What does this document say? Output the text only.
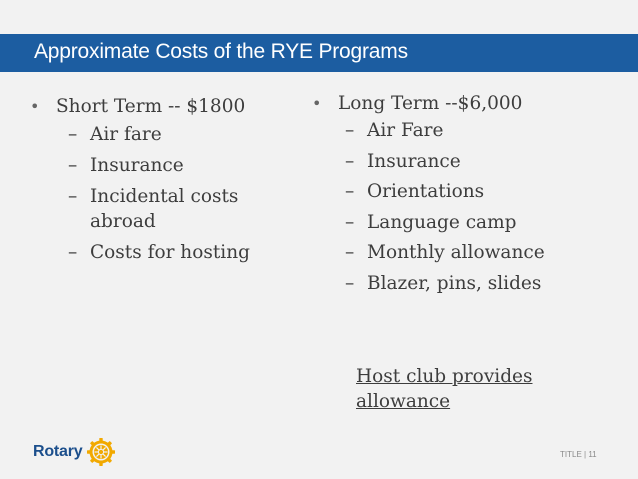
Approximate Costs of the RYE Programs
• Short Term -- $1800
– Air fare
– Insurance
– Incidental costs abroad
– Costs for hosting
• Long Term --$6,000
– Air Fare
– Insurance
– Orientations
– Language camp
– Monthly allowance
– Blazer, pins, slides
Host club provides allowance
Rotary	TITLE | 11
